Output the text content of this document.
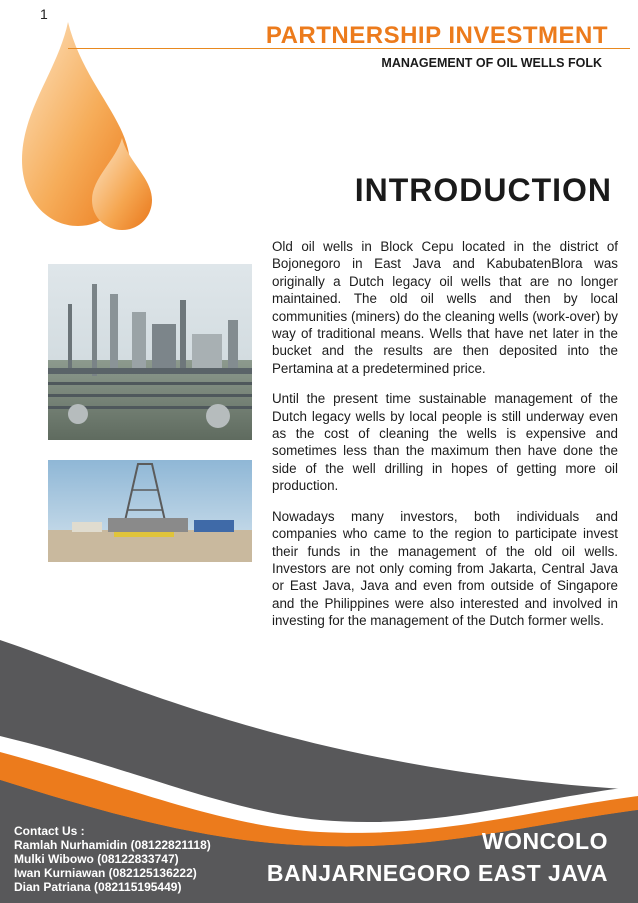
1
PARTNERSHIP INVESTMENT
MANAGEMENT OF OIL WELLS FOLK
INTRODUCTION

Old oil wells in Block Cepu located in the district of Bojonegoro in East Java and KabubatenBlora was originally a Dutch legacy oil wells that are no longer maintained. The old oil wells and then by local communities (miners) do the cleaning wells (work-over) by way of traditional means. Wells that have net later in the bucket and the results are then deposited into the Pertamina at a predetermined price.

Until the present time sustainable management of the Dutch legacy wells by local people is still underway even as the cost of cleaning the wells is expensive and sometimes less than the maximum then have done the side of the well drilling in hopes of getting more oil production.

Nowadays many investors, both individuals and companies who came to the region to participate invest their funds in the management of the old oil wells. Investors are not only coming from Jakarta, Central Java or East Java, Java and even from outside of Singapore and the Philippines were also interested and involved in investing for the management of the Dutch former wells.

Contact Us :
Ramlah Nurhamidin (08122821118)
Mulki Wibowo (08122833747)
Iwan Kurniawan (082125136222)
Dian Patriana (082115195449)
WONCOLO
BANJARNEGORO EAST JAVA
